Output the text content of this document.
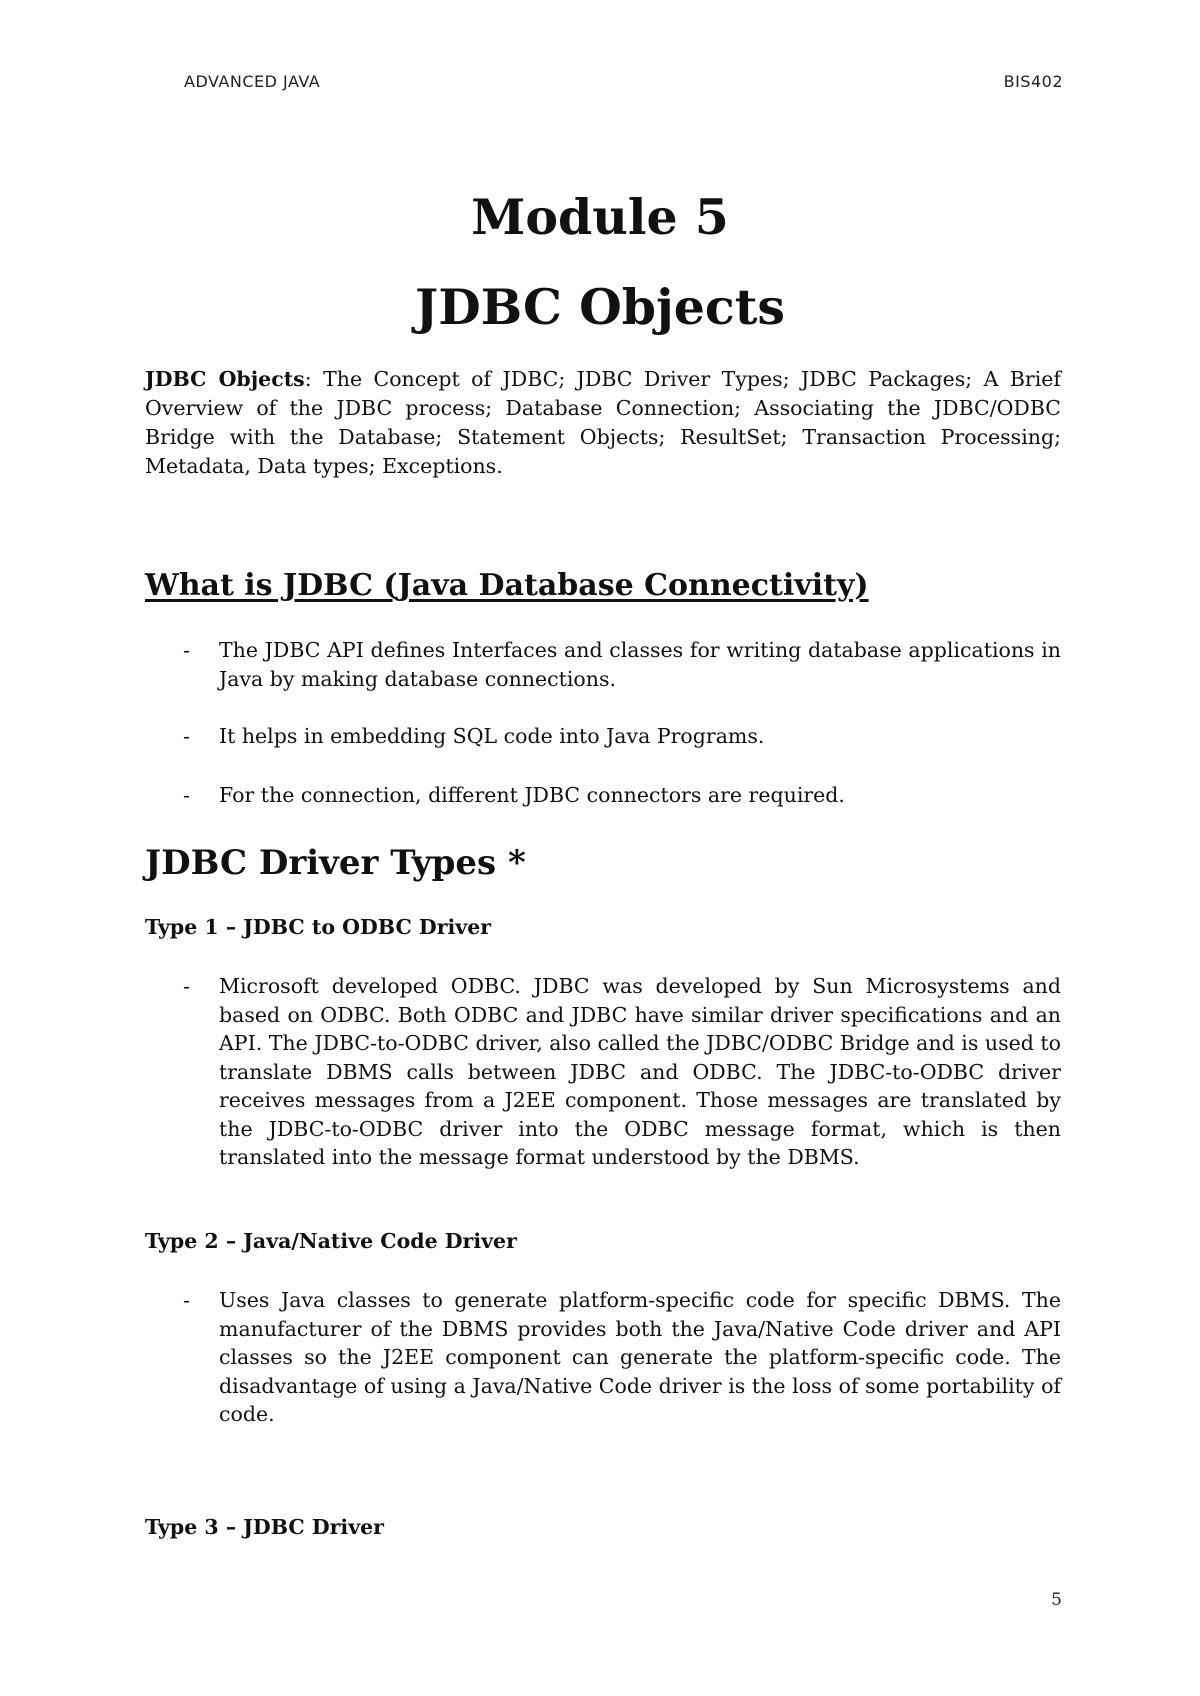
ADVANCED JAVA	BIS402
Module 5
JDBC Objects

JDBC Objects: The Concept of JDBC; JDBC Driver Types; JDBC Packages; A Brief Overview of the JDBC process; Database Connection; Associating the JDBC/ODBC Bridge with the Database; Statement Objects; ResultSet; Transaction Processing; Metadata, Data types; Exceptions.

What is JDBC (Java Database Connectivity)
- The JDBC API defines Interfaces and classes for writing database applications in Java by making database connections.
- It helps in embedding SQL code into Java Programs.
- For the connection, different JDBC connectors are required.
JDBC Driver Types *
Type 1 – JDBC to ODBC Driver
- Microsoft developed ODBC. JDBC was developed by Sun Microsystems and based on ODBC. Both ODBC and JDBC have similar driver specifications and an API. The JDBC-to-ODBC driver, also called the JDBC/ODBC Bridge and is used to translate DBMS calls between JDBC and ODBC. The JDBC-to-ODBC driver receives messages from a J2EE component. Those messages are translated by the JDBC-to-ODBC driver into the ODBC message format, which is then translated into the message format understood by the DBMS.
Type 2 – Java/Native Code Driver
- Uses Java classes to generate platform-specific code for specific DBMS. The manufacturer of the DBMS provides both the Java/Native Code driver and API classes so the J2EE component can generate the platform-specific code. The disadvantage of using a Java/Native Code driver is the loss of some portability of code.
Type 3 – JDBC Driver
5
